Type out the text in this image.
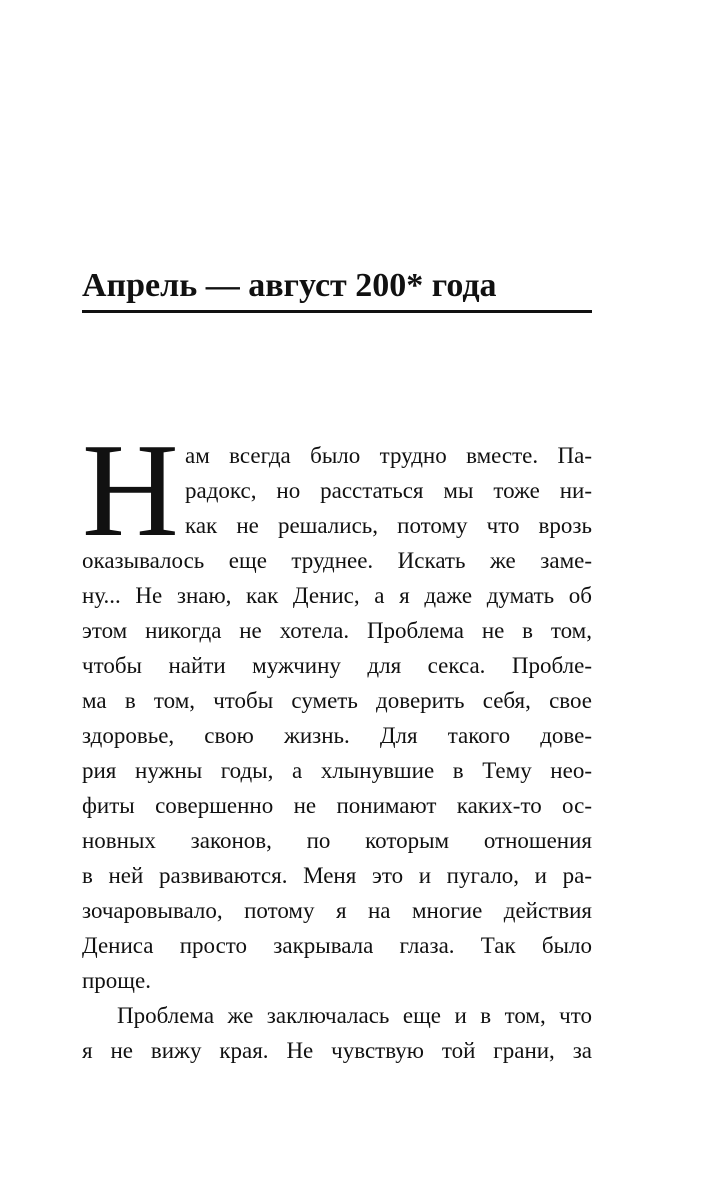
Апрель — август 200* года
Н ам всегда было трудно вместе. Па-
радокс, но расстаться мы тоже ни-
как не решались, потому что врозь
оказывалось еще труднее. Искать же заме-
ну... Не знаю, как Денис, а я даже думать об
этом никогда не хотела. Проблема не в том,
чтобы найти мужчину для секса. Пробле-
ма в том, чтобы суметь доверить себя, свое
здоровье, свою жизнь. Для такого дове-
рия нужны годы, а хлынувшие в Тему нео-
фиты совершенно не понимают каких-то ос-
новных законов, по которым отношения
в ней развиваются. Меня это и пугало, и ра-
зочаровывало, потому я на многие действия
Дениса просто закрывала глаза. Так было
проще.
Проблема же заключалась еще и в том, что
я не вижу края. Не чувствую той грани, за
